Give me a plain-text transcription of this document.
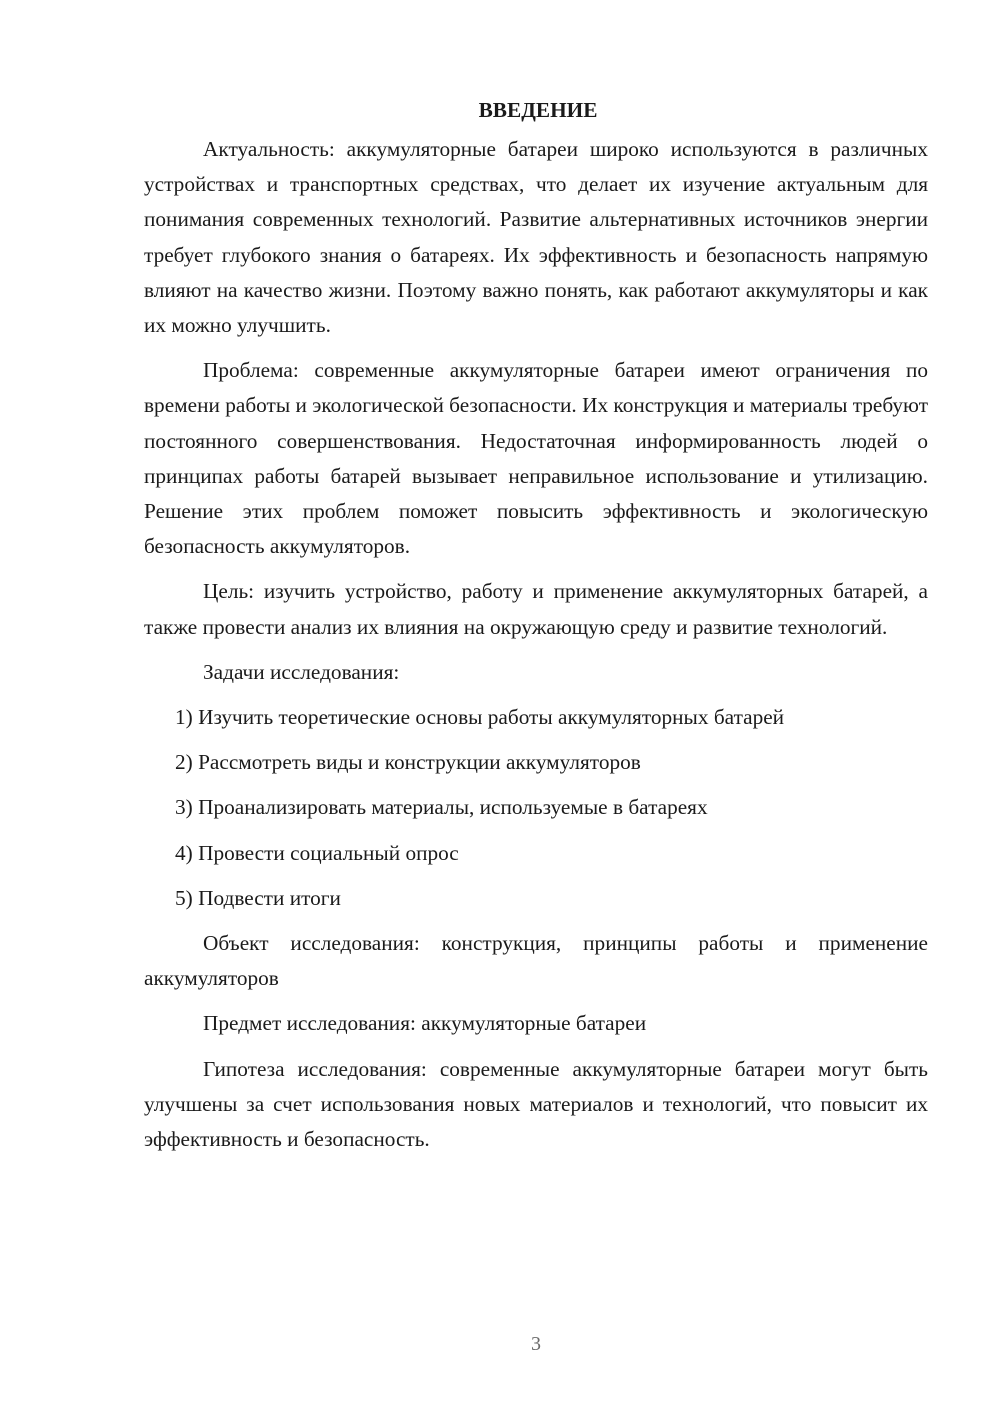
ВВЕДЕНИЕ

Актуальность: аккумуляторные батареи широко используются в различных устройствах и транспортных средствах, что делает их изучение актуальным для понимания современных технологий. Развитие альтернативных источников энергии требует глубокого знания о батареях. Их эффективность и безопасность напрямую влияют на качество жизни. Поэтому важно понять, как работают аккумуляторы и как их можно улучшить.

Проблема: современные аккумуляторные батареи имеют ограничения по времени работы и экологической безопасности. Их конструкция и материалы требуют постоянного совершенствования. Недостаточная информированность людей о принципах работы батарей вызывает неправильное использование и утилизацию. Решение этих проблем поможет повысить эффективность и экологическую безопасность аккумуляторов.

Цель: изучить устройство, работу и применение аккумуляторных батарей, а также провести анализ их влияния на окружающую среду и развитие технологий.

Задачи исследования:

1) Изучить теоретические основы работы аккумуляторных батарей
2) Рассмотреть виды и конструкции аккумуляторов
3) Проанализировать материалы, используемые в батареях
4) Провести социальный опрос
5) Подвести итоги

Объект исследования: конструкция, принципы работы и применение аккумуляторов

Предмет исследования: аккумуляторные батареи

Гипотеза исследования: современные аккумуляторные батареи могут быть улучшены за счет использования новых материалов и технологий, что повысит их эффективность и безопасность.

3
